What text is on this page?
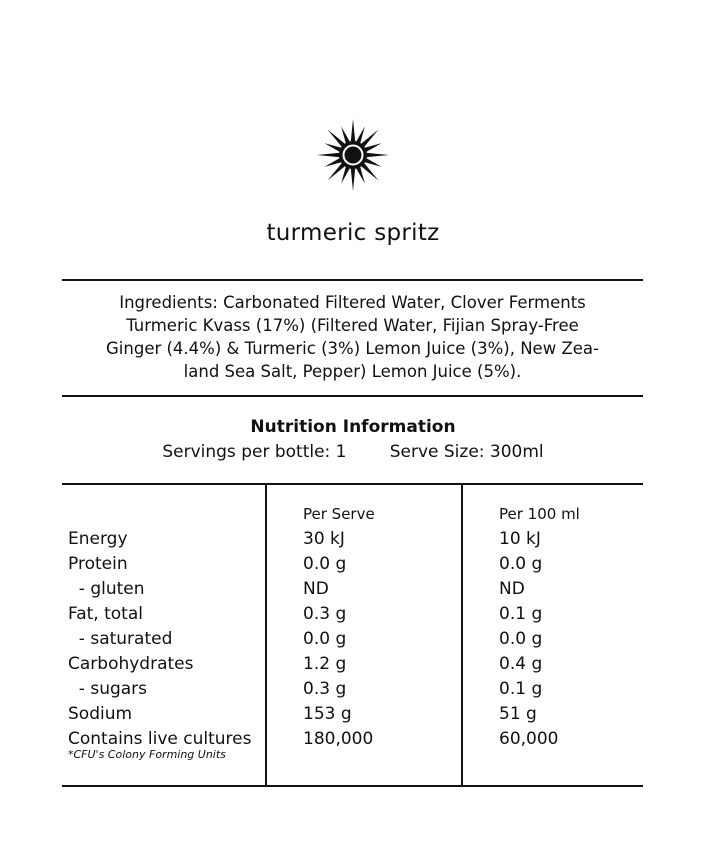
turmeric spritz
Ingredients: Carbonated Filtered Water, Clover Ferments
Turmeric Kvass (17%) (Filtered Water, Fijian Spray-Free
Ginger (4.4%) & Turmeric (3%) Lemon Juice (3%), New Zea-
land Sea Salt, Pepper) Lemon Juice (5%).
Nutrition Information
Servings per bottle: 1        Serve Size: 300ml
Energy
Protein
- gluten
Fat, total
- saturated
Carbohydrates
- sugars
Sodium
Contains live cultures
*CFU's Colony Forming Units
Per Serve
30 kJ
0.0 g
ND
0.3 g
0.0 g
1.2 g
0.3 g
153 g
180,000
Per 100 ml
10 kJ
0.0 g
ND
0.1 g
0.0 g
0.4 g
0.1 g
51 g
60,000
